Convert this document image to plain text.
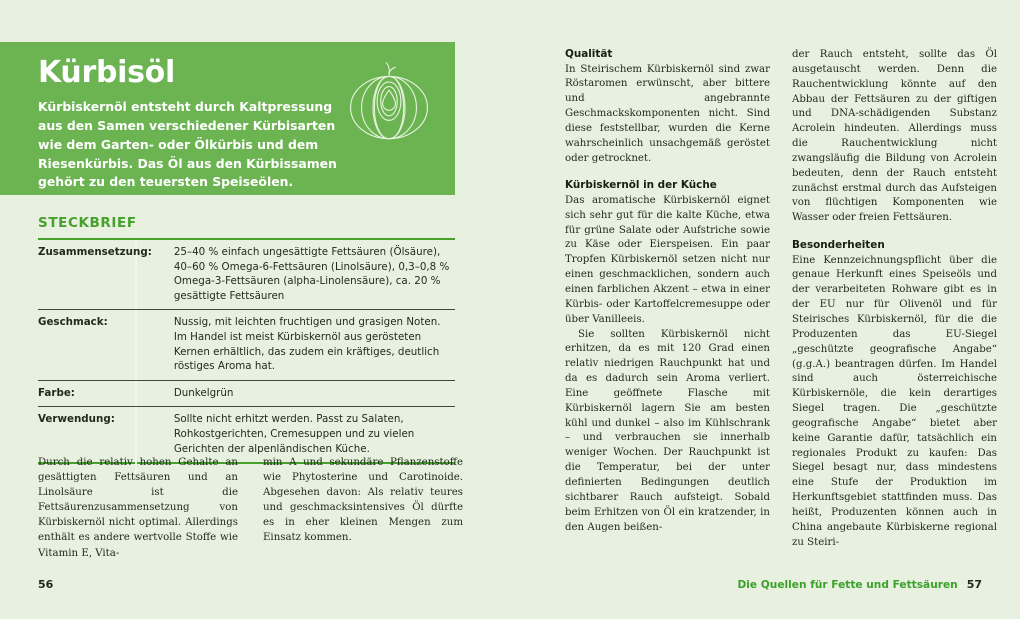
Kürbisöl

Kürbiskernöl entsteht durch Kaltpressung aus den Samen verschiedener Kürbisarten wie dem Garten- oder Ölkürbis und dem Riesenkürbis. Das Öl aus den Kürbissamen gehört zu den teuersten Speiseölen.

STECKBRIEF
Zusammensetzung:	25–40 % einfach ungesättigte Fettsäuren (Ölsäure), 40–60 % Omega-6-Fettsäuren (Linolsäure), 0,3–0,8 % Omega-3-Fettsäuren (alpha-Linolensäure), ca. 20 % gesättigte Fettsäuren
Geschmack:	Nussig, mit leichten fruchtigen und grasigen Noten. Im Handel ist meist Kürbiskernöl aus gerösteten Kernen erhältlich, das zudem ein kräftiges, deutlich röstiges Aroma hat.
Farbe:	Dunkelgrün
Verwendung:	Sollte nicht erhitzt werden. Passt zu Salaten, Rohkostgerichten, Cremesuppen und zu vielen Gerichten der alpenländischen Küche.
Durch die relativ hohen Gehalte an gesättigten Fettsäuren und an Linolsäure ist die Fettsäurenzusammensetzung von Kürbiskernöl nicht optimal. Allerdings enthält es andere wertvolle Stoffe wie Vitamin E, Vita-
min A und sekundäre Pflanzenstoffe wie Phytosterine und Carotinoide. Abgesehen davon: Als relativ teures und geschmacksintensives Öl dürfte es in eher kleinen Mengen zum Einsatz kommen.
56
Qualität

In Steirischem Kürbiskernöl sind zwar Röstaromen erwünscht, aber bittere und angebrannte Geschmackskomponenten nicht. Sind diese feststellbar, wurden die Kerne wahrscheinlich unsachgemäß geröstet oder getrocknet.

Kürbiskernöl in der Küche

Das aromatische Kürbiskernöl eignet sich sehr gut für die kalte Küche, etwa für grüne Salate oder Aufstriche sowie zu Käse oder Eierspeisen. Ein paar Tropfen Kürbiskernöl setzen nicht nur einen geschmacklichen, sondern auch einen farblichen Akzent – etwa in einer Kürbis- oder Kartoffelcremesuppe oder über Vanilleeis.

Sie sollten Kürbiskernöl nicht erhitzen, da es mit 120 Grad einen relativ niedrigen Rauchpunkt hat und da es dadurch sein Aroma verliert. Eine geöffnete Flasche mit Kürbiskernöl lagern Sie am besten kühl und dunkel – also im Kühlschrank – und verbrauchen sie innerhalb weniger Wochen. Der Rauchpunkt ist die Temperatur, bei der unter definierten Bedingungen deutlich sichtbarer Rauch aufsteigt. Sobald beim Erhitzen von Öl ein kratzender, in den Augen beißen-

der Rauch entsteht, sollte das Öl ausgetauscht werden. Denn die Rauchentwicklung könnte auf den Abbau der Fettsäuren zu der giftigen und DNA-schädigenden Substanz Acrolein hindeuten. Allerdings muss die Rauchentwicklung nicht zwangsläufig die Bildung von Acrolein bedeuten, denn der Rauch entsteht zunächst erstmal durch das Aufsteigen von flüchtigen Komponenten wie Wasser oder freien Fettsäuren.

Besonderheiten

Eine Kennzeichnungspflicht über die genaue Herkunft eines Speiseöls und der verarbeiteten Rohware gibt es in der EU nur für Olivenöl und für Steirisches Kürbiskernöl, für die die Produzenten das EU-Siegel „geschützte geografische Angabe“ (g.g.A.) beantragen dürfen. Im Handel sind auch österreichische Kürbiskernöle, die kein derartiges Siegel tragen. Die „geschützte geografische Angabe“ bietet aber keine Garantie dafür, tatsächlich ein regionales Produkt zu kaufen: Das Siegel besagt nur, dass mindestens eine Stufe der Produktion im Herkunftsgebiet stattfinden muss. Das heißt, Produzenten können auch in China angebaute Kürbiskerne regional zu Steiri-

Die Quellen für Fette und Fettsäuren 57
